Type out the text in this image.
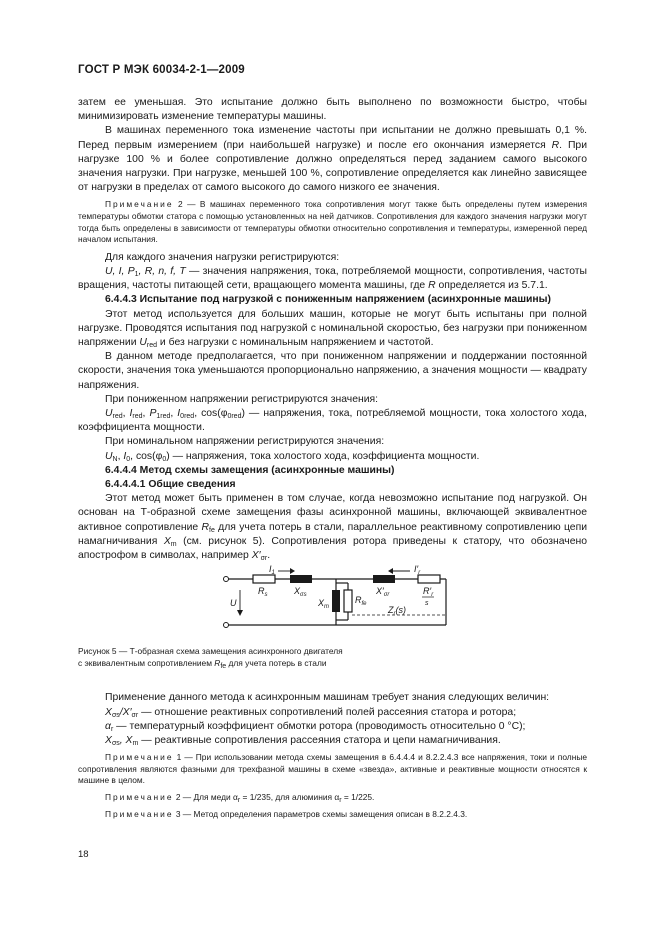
ГОСТ Р МЭК 60034-2-1—2009

затем ее уменьшая. Это испытание должно быть выполнено по возможности быстро, чтобы минимизировать изменение температуры машины.

В машинах переменного тока изменение частоты при испытании не должно превышать 0,1 %. Перед первым измерением (при наибольшей нагрузке) и после его окончания измеряется R. При нагрузке 100 % и более сопротивление должно определяться перед заданием самого высокого значения нагрузки. При нагрузке, меньшей 100 %, сопротивление определяется как линейно зависящее от нагрузки в пределах от самого высокого до самого низкого ее значения.

Примечание 2 — В машинах переменного тока сопротивления могут также быть определены путем измерения температуры обмотки статора с помощью установленных на ней датчиков. Сопротивления для каждого значения нагрузки могут тогда быть определены в зависимости от температуры обмотки относительно сопротивления и температуры, измеренной перед началом испытания.

Для каждого значения нагрузки регистрируются:

U, I, $P_1$, R, n, f, T — значения напряжения, тока, потребляемой мощности, сопротивления, частоты вращения, частоты питающей сети, вращающего момента машины, где R определяется из 5.7.1.

6.4.4.3 Испытание под нагрузкой с пониженным напряжением (асинхронные машины)

Этот метод используется для больших машин, которые не могут быть испытаны при полной нагрузке. Проводятся испытания под нагрузкой с номинальной скоростью, без нагрузки при пониженном напряжении $U_{red}$ и без нагрузки с номинальным напряжением и частотой.

В данном методе предполагается, что при пониженном напряжении и поддержании постоянной скорости, значения тока уменьшаются пропорционально напряжению, а значения мощности — квадрату напряжения.

При пониженном напряжении регистрируются значения:

$U_{red}$, $I_{red}$, $P_{1red}$, $I_{0red}$, $\cos(\varphi_{0red})$ — напряжения, тока, потребляемой мощности, тока холостого хода, коэффициента мощности.

При номинальном напряжении регистрируются значения:

$U_N$, $I_0$, $\cos(\varphi_0)$ — напряжения, тока холостого хода, коэффициента мощности.

6.4.4.4 Метод схемы замещения (асинхронные машины)
6.4.4.4.1 Общие сведения

Этот метод может быть применен в том случае, когда невозможно испытание под нагрузкой. Он основан на Т-образной схеме замещения фазы асинхронной машины, включающей эквивалентное активное сопротивление $R_{fe}$ для учета потерь в стали, параллельное реактивному сопротивлению цепи намагничивания $X_m$ (см. рисунок 5). Сопротивления ротора приведены к статору, что обозначено апострофом в символах, например $X'_{\sigma r}$.

$I_1$	$I'_r$
U
$R_s$	$X_{\sigma s}$
$X_m$
$R_{fe}$
$X'_{\sigma r}$	$R'_r$
s
$Z_r(s)$

Рисунок 5 — Т-образная схема замещения асинхронного двигателя

с эквивалентным сопротивлением $R_{fe}$ для учета потерь в стали

Применение данного метода к асинхронным машинам требует знания следующих величин:

$X_{\sigma s}/X'_{\sigma r}$ — отношение реактивных сопротивлений полей рассеяния статора и ротора;

$\alpha_r$ — температурный коэффициент обмотки ротора (проводимость относительно 0 °C);

$X_{\sigma s}$, $X_m$ — реактивные сопротивления рассеяния статора и цепи намагничивания.

Примечание 1 — При использовании метода схемы замещения в 6.4.4.4 и 8.2.2.4.3 все напряжения, токи и полные сопротивления являются фазными для трехфазной машины в схеме «звезда», активные и реактивные мощности относятся к машине в целом.

Примечание 2 — Для меди $\alpha_r = 1/235$, для алюминия $\alpha_r = 1/225$.

Примечание 3 — Метод определения параметров схемы замещения описан в 8.2.2.4.3.

18
